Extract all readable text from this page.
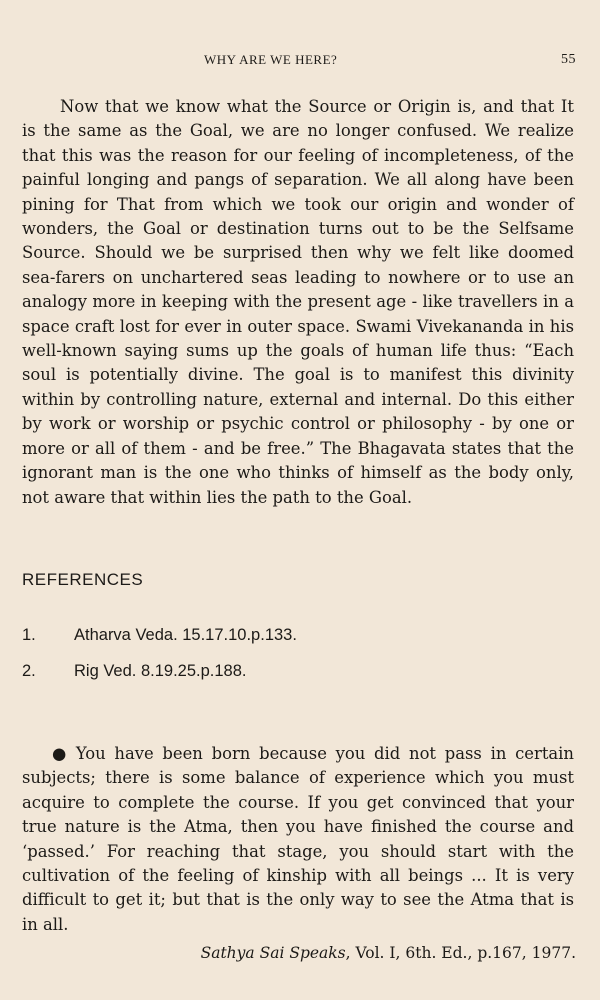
WHY ARE WE HERE?	55

Now that we know what the Source or Origin is, and that It is the same as the Goal, we are no longer confused. We realize that this was the reason for our feeling of incompleteness, of the painful longing and pangs of separation. We all along have been pining for That from which we took our origin and wonder of wonders, the Goal or destination turns out to be the Selfsame Source. Should we be surprised then why we felt like doomed sea-farers on unchartered seas leading to nowhere or to use an analogy more in keeping with the present age - like travellers in a space craft lost for ever in outer space. Swami Vivekananda in his well-known saying sums up the goals of human life thus: “Each soul is potentially divine. The goal is to manifest this divinity within by controlling nature, external and internal. Do this either by work or worship or psychic control or philosophy - by one or more or all of them - and be free.” The Bhagavata states that the ignorant man is the one who thinks of himself as the body only, not aware that within lies the path to the Goal.

REFERENCES
1. Atharva Veda. 15.17.10.p.133.
2. Rig Ved. 8.19.25.p.188.

● You have been born because you did not pass in certain subjects; there is some balance of experience which you must acquire to complete the course. If you get convinced that your true nature is the Atma, then you have finished the course and ‘passed.’ For reaching that stage, you should start with the cultivation of the feeling of kinship with all beings ... It is very difficult to get it; but that is the only way to see the Atma that is in all.

Sathya Sai Speaks, Vol. I, 6th. Ed., p.167, 1977.
